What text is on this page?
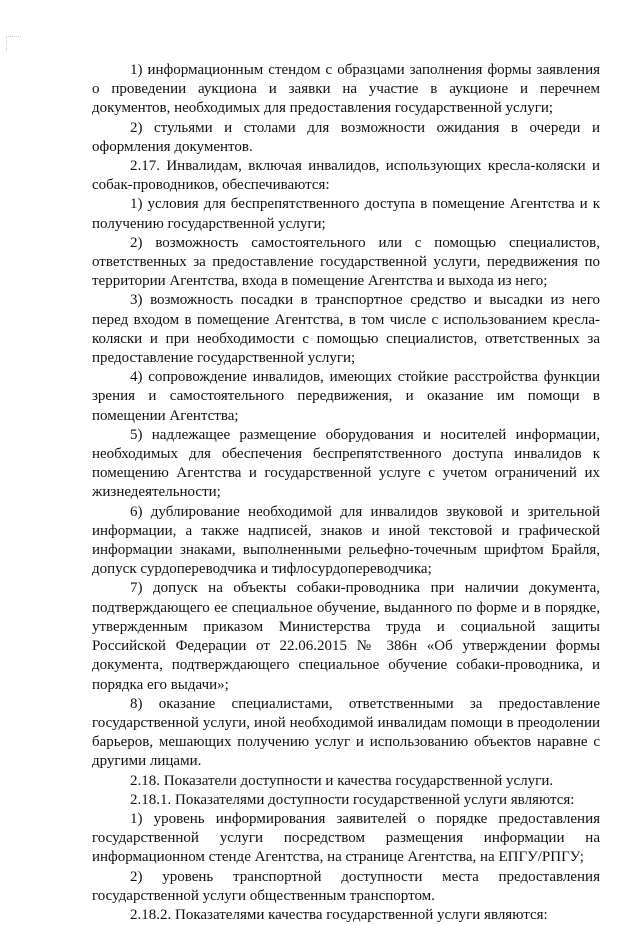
1) информационным стендом с образцами заполнения формы заявления о проведении аукциона и заявки на участие в аукционе и перечнем документов, необходимых для предоставления государственной услуги;

2) стульями и столами для возможности ожидания в очереди и оформления документов.

2.17. Инвалидам, включая инвалидов, использующих кресла-коляски и собак-проводников, обеспечиваются:

1) условия для беспрепятственного доступа в помещение Агентства и к получению государственной услуги;

2) возможность самостоятельного или с помощью специалистов, ответственных за предоставление государственной услуги, передвижения по территории Агентства, входа в помещение Агентства и выхода из него;

3) возможность посадки в транспортное средство и высадки из него перед входом в помещение Агентства, в том числе с использованием кресла-коляски и при необходимости с помощью специалистов, ответственных за предоставление государственной услуги;

4) сопровождение инвалидов, имеющих стойкие расстройства функции зрения и самостоятельного передвижения, и оказание им помощи в помещении Агентства;

5) надлежащее размещение оборудования и носителей информации, необходимых для обеспечения беспрепятственного доступа инвалидов к помещению Агентства и государственной услуге с учетом ограничений их жизнедеятельности;

6) дублирование необходимой для инвалидов звуковой и зрительной информации, а также надписей, знаков и иной текстовой и графической информации знаками, выполненными рельефно-точечным шрифтом Брайля, допуск сурдопереводчика и тифлосурдопереводчика;

7) допуск на объекты собаки-проводника при наличии документа, подтверждающего ее специальное обучение, выданного по форме и в порядке, утвержденным приказом Министерства труда и социальной защиты Российской Федерации от 22.06.2015 № 386н «Об утверждении формы документа, подтверждающего специальное обучение собаки-проводника, и порядка его выдачи»;

8) оказание специалистами, ответственными за предоставление государственной услуги, иной необходимой инвалидам помощи в преодолении барьеров, мешающих получению услуг и использованию объектов наравне с другими лицами.

2.18. Показатели доступности и качества государственной услуги.

2.18.1. Показателями доступности государственной услуги являются:

1) уровень информирования заявителей о порядке предоставления государственной услуги посредством размещения информации на информационном стенде Агентства, на странице Агентства, на ЕПГУ/РПГУ;

2) уровень транспортной доступности места предоставления государственной услуги общественным транспортом.

2.18.2. Показателями качества государственной услуги являются:
